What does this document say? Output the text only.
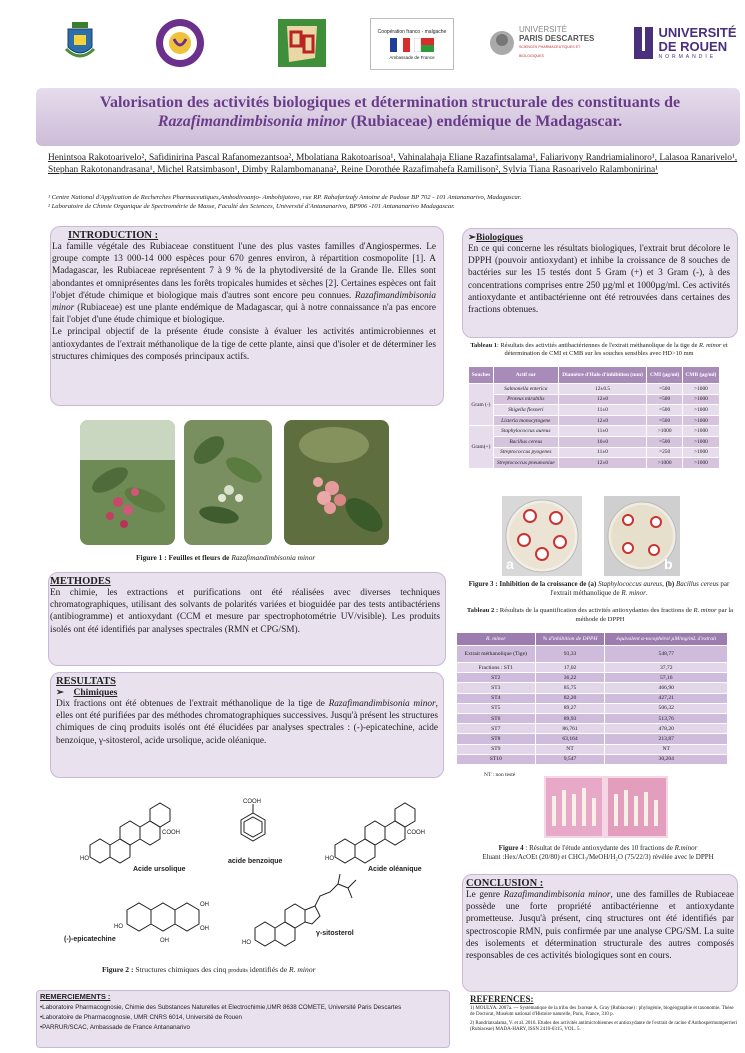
Coopération franco - malgache
Ambassade de France
UNIVERSITÉ
PARIS DESCARTES
SCIENCES PHARMACEUTIQUES ET BIOLOGIQUES
UNIVERSITÉ
DE ROUEN
NORMANDIE
Valorisation des activités biologiques et détermination structurale des constituants de
Razafimandimbisonia minor (Rubiaceae) endémique de Madagascar.
Henintsoa Rakotoarivelo², Safidinirina Pascal Rafanomezantsoa², Mbolatiana Rakotoarisoa¹, Vahinalahaja Eliane Razafintsalama¹, Faliarivony Randriamialinoro¹, Lalasoa Ranarivelo¹, Stephan Rakotonandrasana¹, Michel Ratsimbason¹, Dimby Ralambomanana², Reine Dorothée Razafimahefa Ramilison², Sylvia Tiana Rasoarivelo Ralambonirina¹
¹ Centre National d'Application de Recherches Pharmaceutiques,Ambodivoanjo- Ambohijatovo, rue RP. Rahafarizafy Antoine de Padoue BP 702 - 101 Antananarivo, Madagascar.
² Laboratoire de Chimie Organique de Spectrométrie de Masse, Faculté des Sciences, Université d'Antananarivo, BP906 -101 Antananarivo Madagascar.
INTRODUCTION :
La famille végétale des Rubiaceae constituent l'une des plus vastes familles d'Angiospermes. Le groupe compte 13 000-14 000 espèces pour 670 genres environ, à répartition cosmopolite [1]. A Madagascar, les Rubiaceae représentent 7 à 9 % de la phytodiversité de la Grande Ile. Elles sont abondantes et omniprésentes dans les forêts tropicales humides et sèches [2]. Certaines espèces ont fait l'objet d'étude chimique et biologique mais d'autres sont encore peu connues. Razafimandimbisonia minor (Rubiaceae) est une plante endémique de Madagascar, qui à notre connaissance n'a pas encore fait l'objet d'une étude chimique et biologique.
Le principal objectif de la présente étude consiste à évaluer les activités antimicrobiennes et antioxydantes de l'extrait méthanolique de la tige de cette plante, ainsi que d'isoler et de déterminer les structures chimiques des composés principaux actifs.
Figure 1 : Feuilles et fleurs de Razafimandimbisonia minor
METHODES
En chimie, les extractions et purifications ont été réalisées avec diverses techniques chromatographiques, utilisant des solvants de polarités variées et bioguidée par des tests antibactériens (antibiogramme) et antioxydant (CCM et mesure par spectrophotométrie UV/visible). Les produits isolés ont été identifiés par analyses spectrales (RMN et CPG/SM).
RESULTATS
➢    Chimiques
Dix fractions ont été obtenues de l'extrait méthanolique de la tige de Razafimandimbisonia minor, elles ont été purifiées par des méthodes chromatographiques successives. Jusqu'à présent les structures chimiques de cinq produits isolés ont été élucidées par analyses spectrales : (-)-epicatechine, acide benzoique, γ-sitosterol, acide ursolique, acide oléanique.
COOH
HO
Acide ursolique
COOH
acide benzoique
COOH
HO
Acide oléanique
HO
OH
OH
OH
(-)-epicatechine	HO
γ-sitosterol
Figure 2 : Structures chimiques des cinq produits identifiés de R. minor
REMERCIEMENTS :
•Laboratoire Pharmacognosie, Chimie des Substances Naturelles et Electrochimie,UMR 8638 COMETE, Université Paris Descartes
•Laboratoire de Pharmacognosie, UMR CNRS 6014, Université de Rouen
•PARRUR/SCAC, Ambassade de France Antananarivo
➢Biologiques
En ce qui concerne les résultats biologiques, l'extrait brut décolore le DPPH (pouvoir antioxydant) et inhibe la croissance de 8 souches de bactéries sur les 15 testés dont 5 Gram (+) et 3 Gram (-), à des concentrations comprises entre 250 µg/ml et 1000µg/ml. Ces activités antioxydante et antibactérienne ont été retrouvées dans certaines des fractions obtenues.
Tableau 1: Résultats des activités antibactériennes de l'extrait méthanolique de la tige de R. minor et détermination de CMI et CMB sur les souches sensibles avec HD>10 mm
Souches	Actif sur	Diamètre d'Halo d'inhibition (mm)	CMI (µg/ml)	CMB (µg/ml)
Gram (-)	Salmonella enterica	12±0.5	=500	>1000
	Proteus mirabilis	12±0	=500	>1000
	Shigella flexneri	11±0	=500	>1000
	Listeria monocytogene	12±0	=500	>1000
Gram(+)	Staphylococcus aureus	11±0	>1000	>1000
	Bacillus cereus	10±0	=500	>1000
	Streptococcus pyogenes	11±0	=250	>1000
	Streptococcus pneumoniae	12±0	>1000	>1000
a	b
Figure 3 : Inhibition de la croissance de (a) Staphylococcus aureus, (b) Bacillus cereus par l'extrait méthanolique de R. minor.
Tableau 2 : Résultats de la quantification des activités antioxydantes des fractions de R. minor par la méthode de DPPH
R. minor	% d'inhibition de DPPH	équivalent α-tocophérol µM/mg/mL d'extrait
Extrait méthanolique (Tige)	93,33	548,77
Fractions : ST1	17,02	37,72
ST2	36,22	57,16
ST3	85,75	466,90
ST4	82,20	427,21
ST5	89,27	506,32
ST6	89,93	513,76
ST7	86,761	478,20
ST8	63,164	213,87
ST9	NT	NT
ST10	9,547	30,204
NT : non testé
Figure 4 : Résultat de l'étude antioxydante des 10 fractions de R.minor
Eluant :Hex/AcOEt (20/80) et CHCl₃/MeOH/H₂O (75/22/3) révélée avec le DPPH
CONCLUSION :
Le genre Razafimandimbisonia minor, une des familles de Rubiaceae possède une forte propriété antibactérienne et antioxydante prometteuse. Jusqu'à présent, cinq structures ont été identifiés par spectroscopie RMN, puis confirmée par une analyse CPG/SM. La suite des isolements et détermination structurale des autres composés responsables de ces activités biologiques sont en cours.
REFERENCES:
1) MOULYA. 2007a. — Systématique de la tribu des Ixoreae A. Gray (Rubiaceae) : phylogénie, biogéographie et taxonomie. Thèse de Doctorat, Muséum national d'Histoire naturelle, Paris, France, 310 p.
2) Randriatsalama, V. et al. 2016. Etudes des activités antimicrobiennes et antioxydante de l'extrait de racine d'Anthospermumperrieri (Rubiaceae) MADA-HARY, ISSN 2410-0315, VOL. 5.
